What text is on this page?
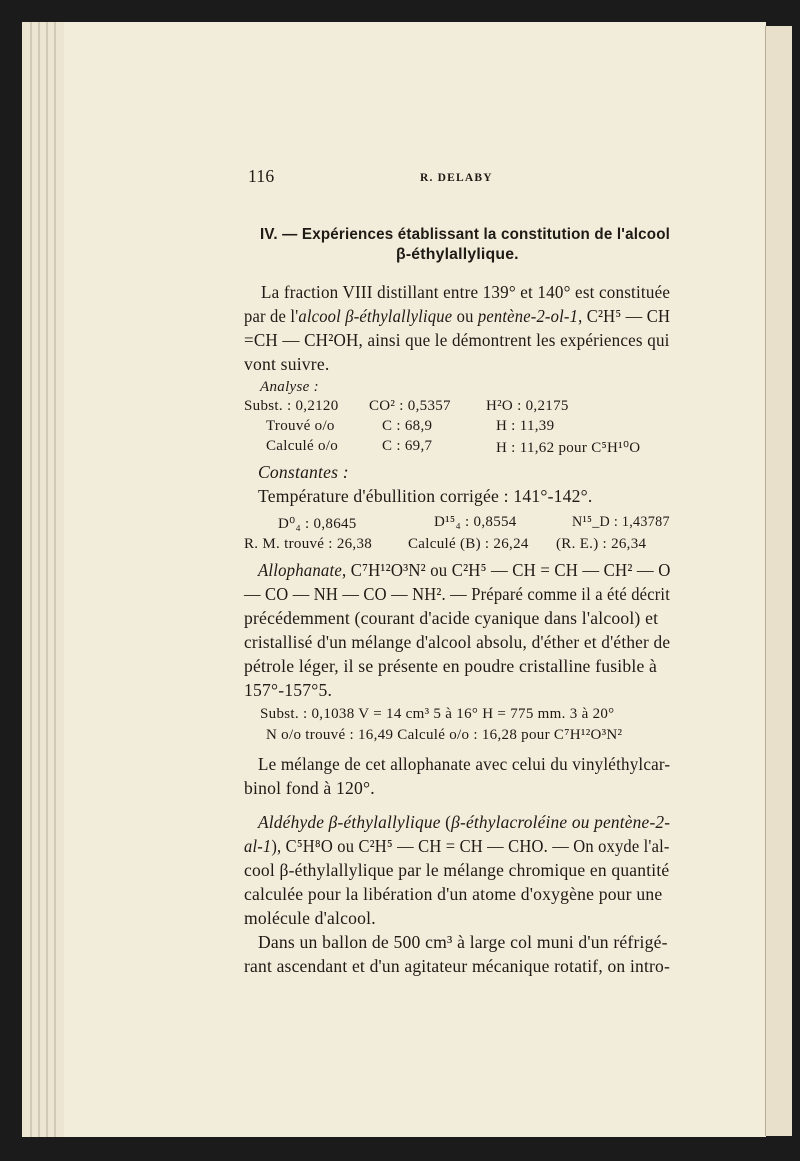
116	R. DELABY
IV. — Expériences établissant la constitution de l'alcool
β-éthylallylique.
La fraction VIII distillant entre 139° et 140° est constituée
par de l'alcool β-éthylallylique ou pentène-2-ol-1, C²H⁵ — CH
=CH — CH²OH, ainsi que le démontrent les expériences qui
vont suivre.
Analyse :
Subst. : 0,2120 CO² : 0,5357 H²O : 0,2175
Trouvé o/o	C : 68,9	H : 11,39
Calculé o/o	C : 69,7	H : 11,62 pour C⁵H¹⁰O
Constantes :
Température d'ébullition corrigée : 141°-142°.
D⁰₄ : 0,8645	D¹⁵₄ : 0,8554	N¹⁵_D : 1,43787
R. M. trouvé : 26,38 Calculé (B) : 26,24 (R. E.) : 26,34
Allophanate, C⁷H¹²O³N² ou C²H⁵ — CH = CH — CH² — O
— CO — NH — CO — NH². — Préparé comme il a été décrit
précédemment (courant d'acide cyanique dans l'alcool) et
cristallisé d'un mélange d'alcool absolu, d'éther et d'éther de
pétrole léger, il se présente en poudre cristalline fusible à
157°-157°5.
Subst. : 0,1038 V = 14 cm³ 5 à 16° H = 775 mm. 3 à 20°
N o/o trouvé : 16,49 Calculé o/o : 16,28 pour C⁷H¹²O³N²
Le mélange de cet allophanate avec celui du vinyléthylcar-
binol fond à 120°.
Aldéhyde β-éthylallylique (β-éthylacroléine ou pentène-2-
al-1), C⁵H⁸O ou C²H⁵ — CH = CH — CHO. — On oxyde l'al-
cool β-éthylallylique par le mélange chromique en quantité
calculée pour la libération d'un atome d'oxygène pour une
molécule d'alcool.
Dans un ballon de 500 cm³ à large col muni d'un réfrigé-
rant ascendant et d'un agitateur mécanique rotatif, on intro-
